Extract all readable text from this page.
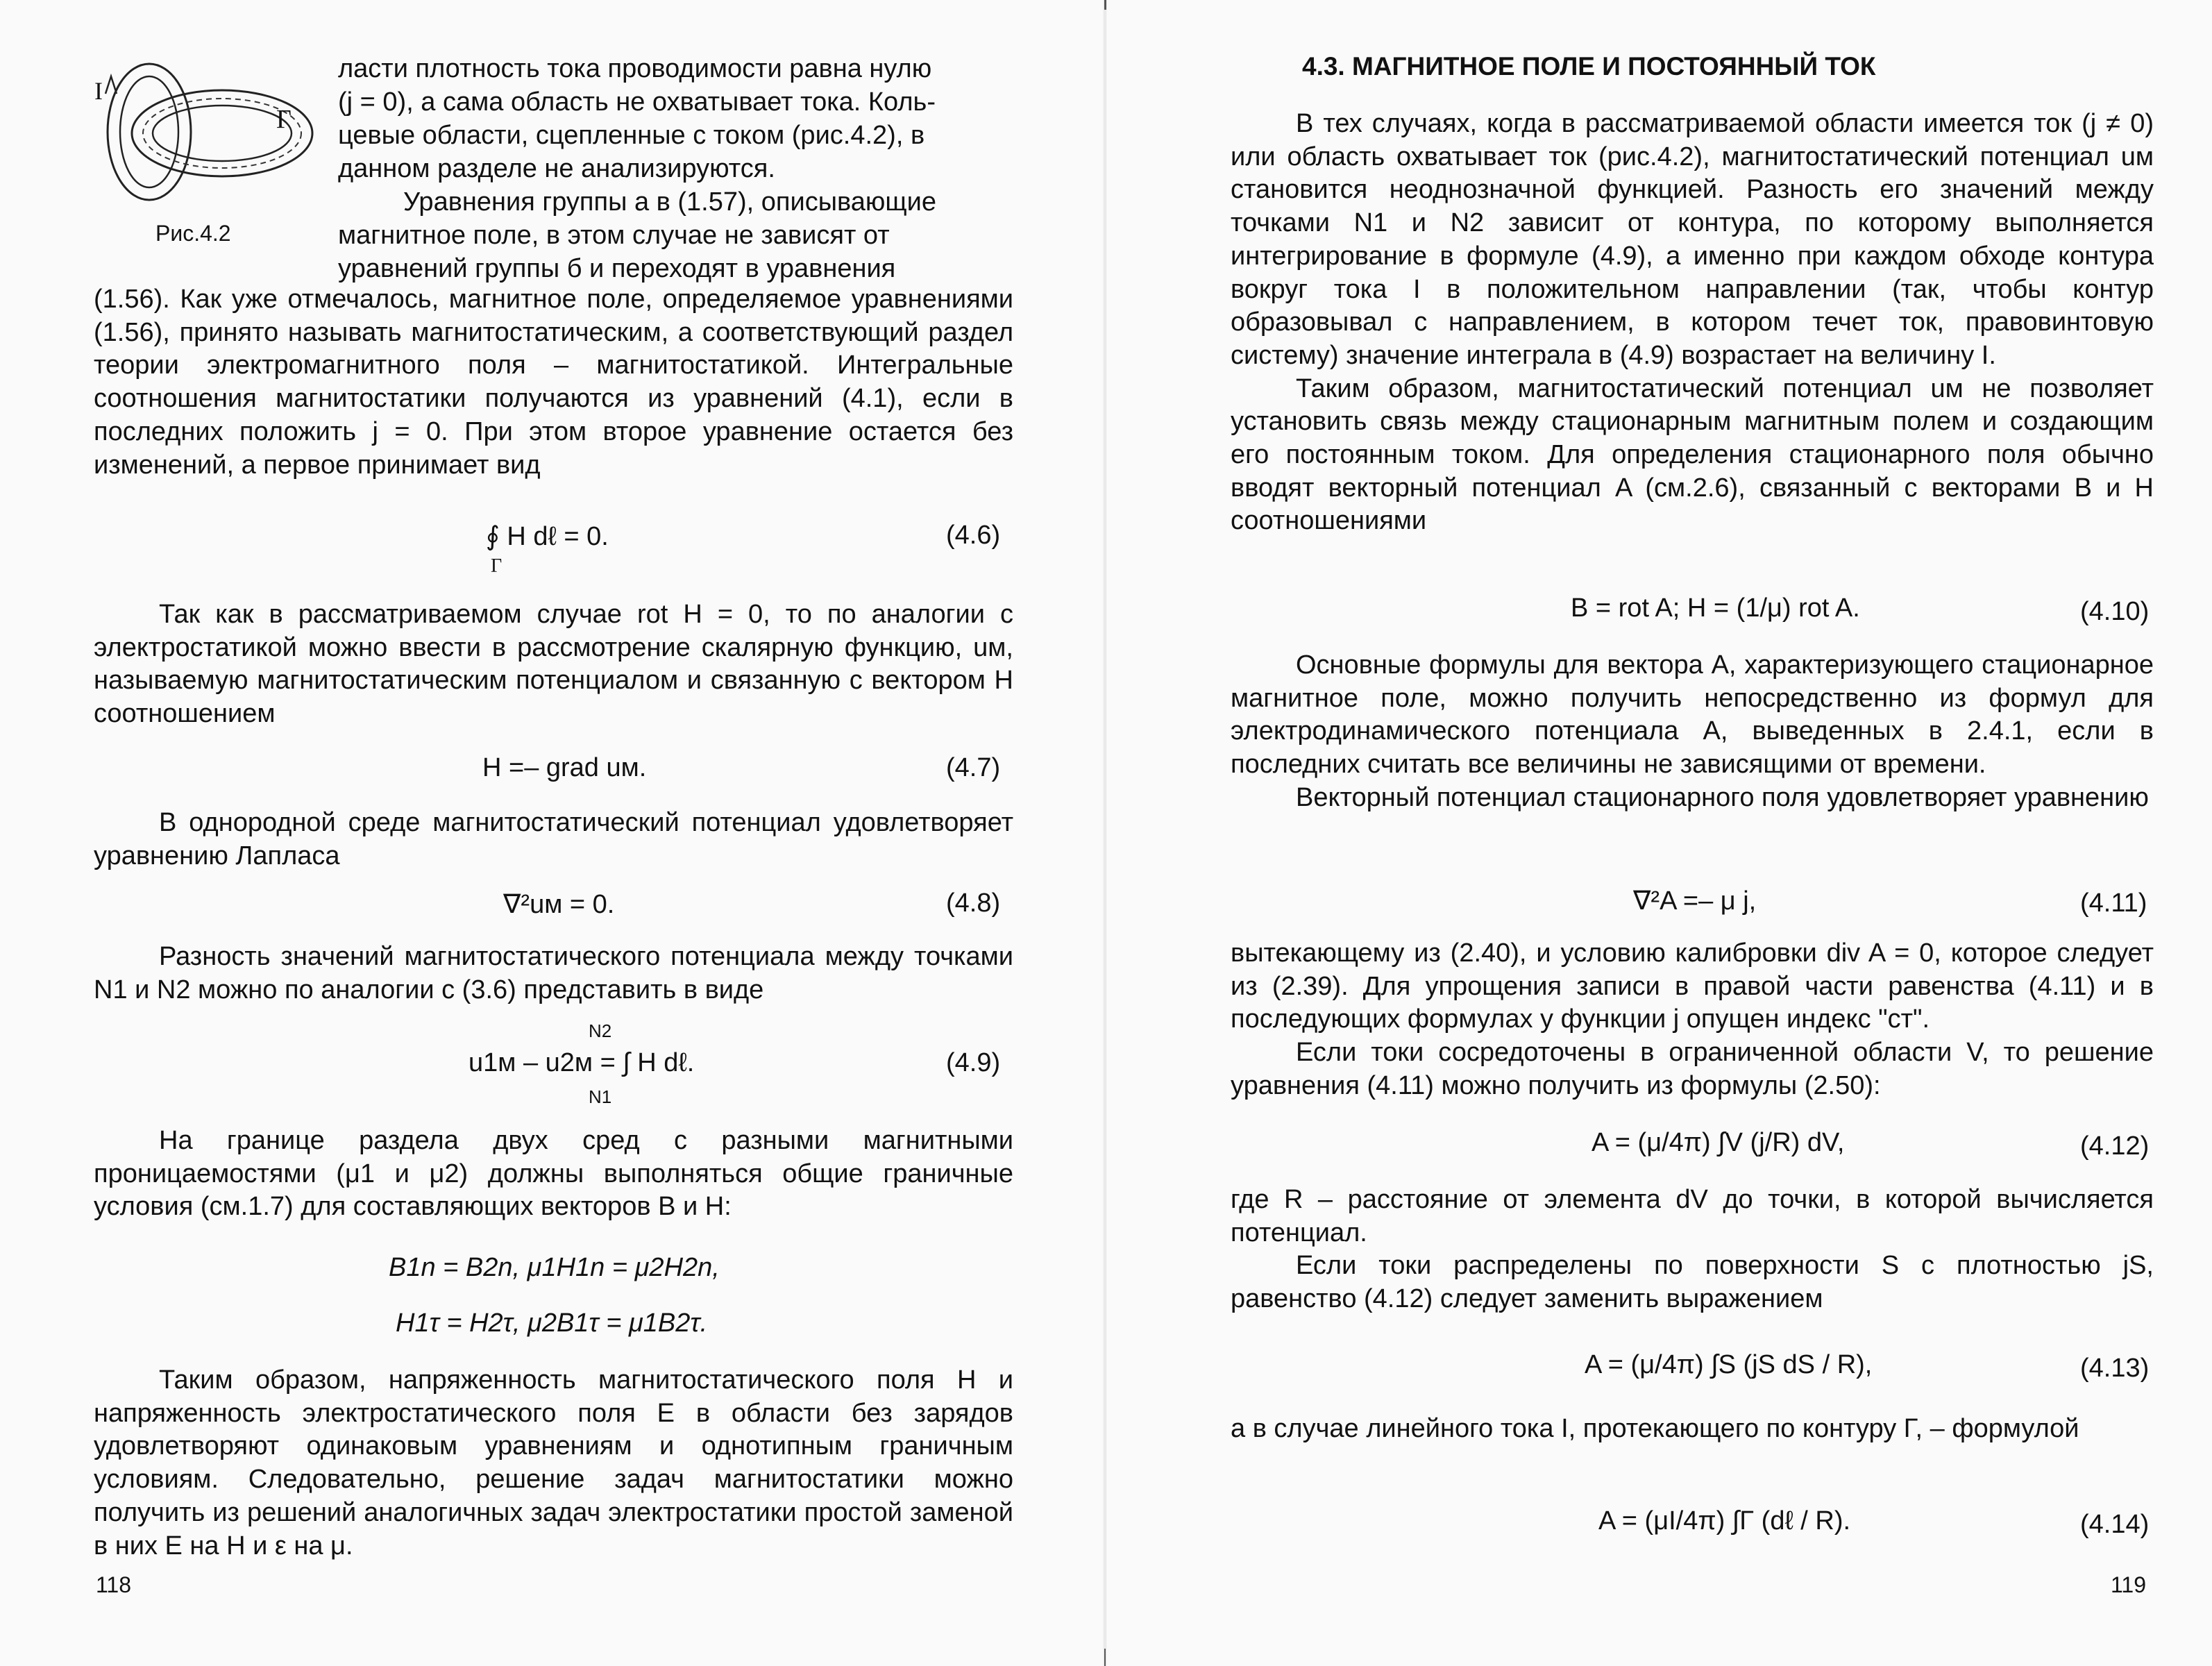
I
Γ
Рис.4.2

ласти плотность тока проводимости равна нулю

(j = 0), а сама область не охватывает тока. Коль-

цевые области, сцепленные с током (рис.4.2), в

данном разделе не анализируются.

Уравнения группы а в (1.57), описывающие

магнитное поле, в этом случае не зависят от

уравнений группы б и переходят в уравнения

(1.56). Как уже отмечалось, магнитное поле, определяемое уравнениями (1.56), принято называть магнитостатическим, а соответствующий раздел теории электромагнитного поля – магнитостатикой. Интегральные соотношения магнитостатики получаются из уравнений (4.1), если в последних положить j = 0. При этом второе уравнение остается без изменений, а первое принимает вид

∮ H dℓ = 0.
Γ
(4.6)

Так как в рассматриваемом случае rot H = 0, то по аналогии с электростатикой можно ввести в рассмотрение скалярную функцию, uм, называемую магнитостатическим потенциалом и связанную с вектором H соотношением

H =– grad uм.	(4.7)

В однородной среде магнитостатический потенциал удовлетворяет уравнению Лапласа

∇²uм = 0.	(4.8)

Разность значений магнитостатического потенциала между точками N1 и N2 можно по аналогии с (3.6) представить в виде

N2
u1м – u2м = ∫ H dℓ.
N1
(4.9)

На границе раздела двух сред с разными магнитными проницаемостями (μ1 и μ2) должны выполняться общие граничные условия (см.1.7) для составляющих векторов B и H:

B1n = B2n, μ1H1n = μ2H2n,
H1τ = H2τ, μ2B1τ = μ1B2τ.

Таким образом, напряженность магнитостатического поля H и напряженность электростатического поля E в области без зарядов удовлетворяют одинаковым уравнениям и однотипным граничным условиям. Следовательно, решение задач магнитостатики можно получить из решений аналогичных задач электростатики простой заменой в них E на H и ε на μ.

118
4.3. МАГНИТНОЕ ПОЛЕ И ПОСТОЯННЫЙ ТОК

В тех случаях, когда в рассматриваемой области имеется ток (j ≠ 0) или область охватывает ток (рис.4.2), магнитостатический потенциал uм становится неоднозначной функцией. Разность его значений между точками N1 и N2 зависит от контура, по которому выполняется интегрирование в формуле (4.9), а именно при каждом обходе контура вокруг тока I в положительном направлении (так, чтобы контур образовывал с направлением, в котором течет ток, правовинтовую систему) значение интеграла в (4.9) возрастает на величину I.

Таким образом, магнитостатический потенциал uм не позволяет установить связь между стационарным магнитным полем и создающим его постоянным током. Для определения стационарного поля обычно вводят векторный потенциал A (см.2.6), связанный с векторами B и H соотношениями

B = rot A; H = (1/μ) rot A.	(4.10)

Основные формулы для вектора A, характеризующего стационарное магнитное поле, можно получить непосредственно из формул для электродинамического потенциала A, выведенных в 2.4.1, если в последних считать все величины не зависящими от времени.

Векторный потенциал стационарного поля удовлетворяет уравнению

∇²A =– μ j,	(4.11)

вытекающему из (2.40), и условию калибровки div A = 0, которое следует из (2.39). Для упрощения записи в правой части равенства (4.11) и в последующих формулах у функции j опущен индекс "ст".

Если токи сосредоточены в ограниченной области V, то решение уравнения (4.11) можно получить из формулы (2.50):

A = (μ/4π) ∫V (j/R) dV,	(4.12)

где R – расстояние от элемента dV до точки, в которой вычисляется потенциал.

Если токи распределены по поверхности S с плотностью jS, равенство (4.12) следует заменить выражением

A = (μ/4π) ∫S (jS dS / R),	(4.13)

а в случае линейного тока I, протекающего по контуру Γ, – формулой

A = (μI/4π) ∫Γ (dℓ / R).	(4.14)
119
